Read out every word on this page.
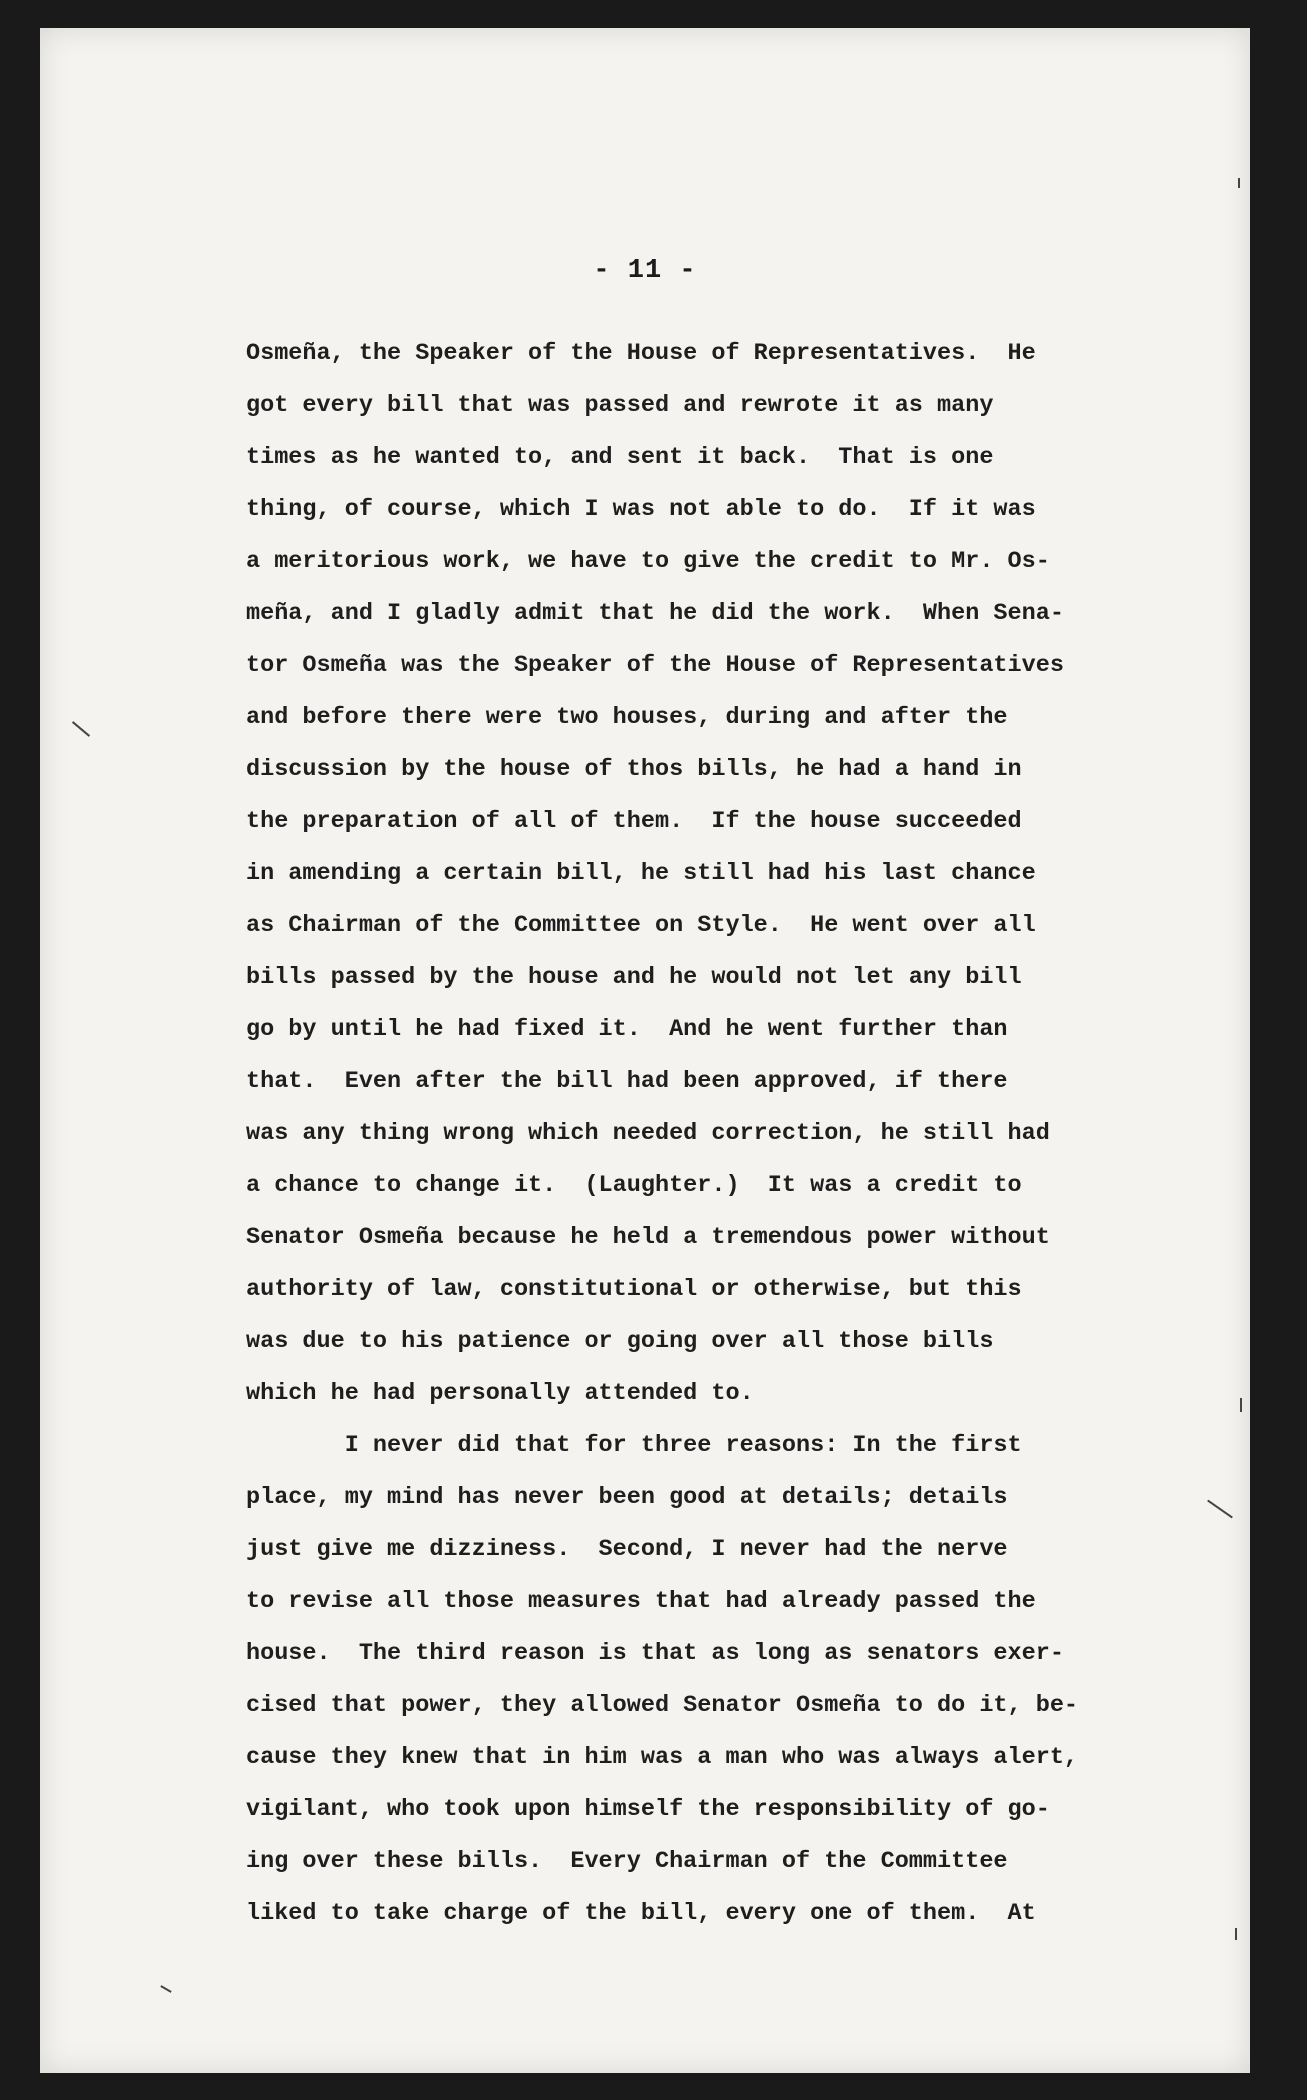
- 11 -
Osmeña, the Speaker of the House of Representatives.  He
got every bill that was passed and rewrote it as many
times as he wanted to, and sent it back.  That is one
thing, of course, which I was not able to do.  If it was
a meritorious work, we have to give the credit to Mr. Os-
meña, and I gladly admit that he did the work.  When Sena-
tor Osmeña was the Speaker of the House of Representatives
and before there were two houses, during and after the
discussion by the house of thos bills, he had a hand in
the preparation of all of them.  If the house succeeded
in amending a certain bill, he still had his last chance
as Chairman of the Committee on Style.  He went over all
bills passed by the house and he would not let any bill
go by until he had fixed it.  And he went further than
that.  Even after the bill had been approved, if there
was any thing wrong which needed correction, he still had
a chance to change it.  (Laughter.)  It was a credit to
Senator Osmeña because he held a tremendous power without
authority of law, constitutional or otherwise, but this
was due to his patience or going over all those bills
which he had personally attended to.
I never did that for three reasons: In the first
place, my mind has never been good at details; details
just give me dizziness.  Second, I never had the nerve
to revise all those measures that had already passed the
house.  The third reason is that as long as senators exer-
cised that power, they allowed Senator Osmeña to do it, be-
cause they knew that in him was a man who was always alert,
vigilant, who took upon himself the responsibility of go-
ing over these bills.  Every Chairman of the Committee
liked to take charge of the bill, every one of them.  At
